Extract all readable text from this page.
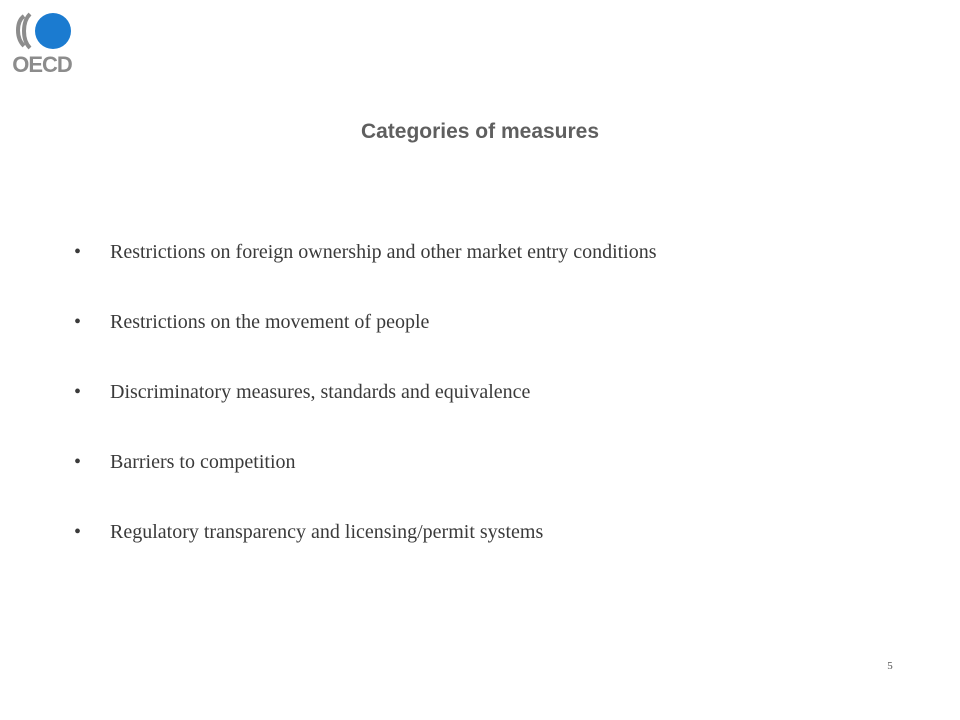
OECD
Categories of measures
•	Restrictions on foreign ownership and other market entry conditions
•	Restrictions on the movement of people
•	Discriminatory measures, standards and equivalence
•	Barriers to competition
•	Regulatory transparency and licensing/permit systems
5
